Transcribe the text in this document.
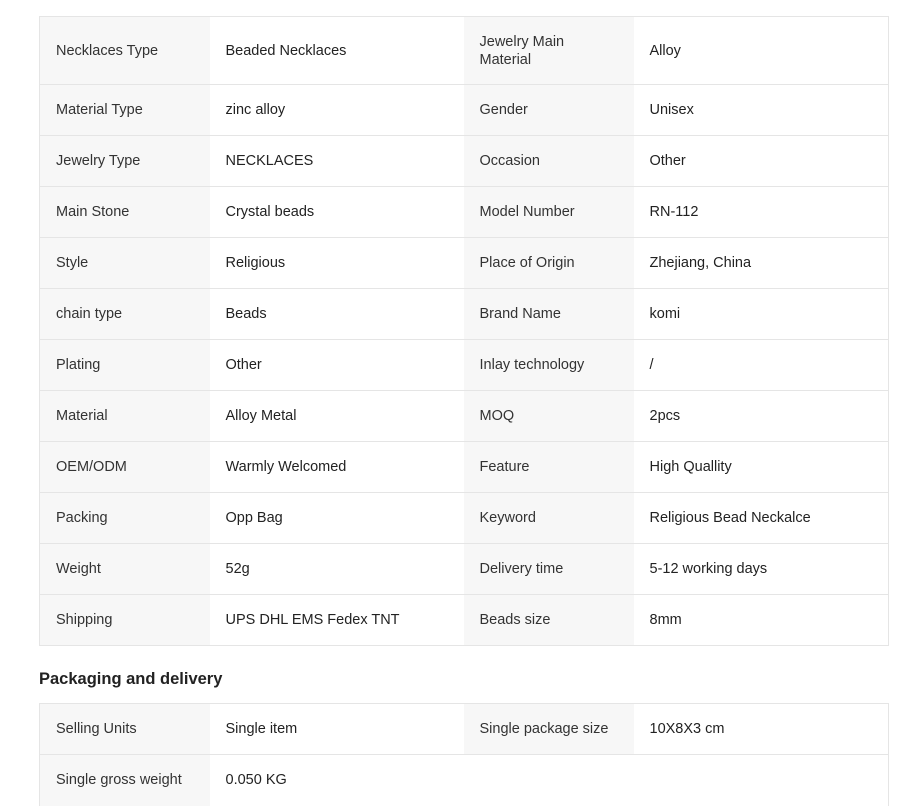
Necklaces Type	Beaded Necklaces	Jewelry Main Material	Alloy
Material Type	zinc alloy	Gender	Unisex
Jewelry Type	NECKLACES	Occasion	Other
Main Stone	Crystal beads	Model Number	RN-112
Style	Religious	Place of Origin	Zhejiang, China
chain type	Beads	Brand Name	komi
Plating	Other	Inlay technology	/
Material	Alloy Metal	MOQ	2pcs
OEM/ODM	Warmly Welcomed	Feature	High Quallity
Packing	Opp Bag	Keyword	Religious Bead Neckalce
Weight	52g	Delivery time	5-12 working days
Shipping	UPS DHL EMS Fedex TNT	Beads size	8mm
Packaging and delivery
Selling Units	Single item	Single package size	10X8X3 cm
Single gross weight	0.050 KG		
